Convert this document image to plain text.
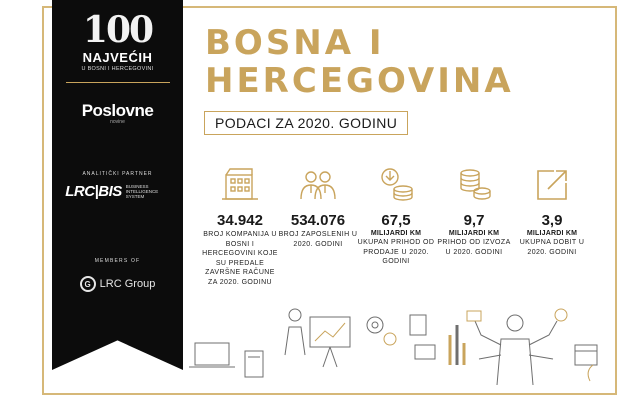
100
NAJVEĆIH
U BOSNI I HERCEGOVINI
Poslovne
novine
ANALITIČKI PARTNER
LRC|BIS BUSINESS INTELLIGENCE SYSTEM
MEMBERS OF
G LRC Group
BOSNA I
HERCEGOVINA
PODACI ZA 2020. GODINU
34.942
BROJ KOMPANIJA U BOSNI I HERCEGOVINI KOJE SU PREDALE ZAVRŠNE RAČUNE ZA 2020. GODINU
534.076
BROJ ZAPOSLENIH U 2020. GODINI
67,5
MILIJARDI KM
UKUPAN PRIHOD OD PRODAJE U 2020. GODINI
9,7
MILIJARDI KM
PRIHOD OD IZVOZA U 2020. GODINI
3,9
MILIJARDI KM
UKUPNA DOBIT U 2020. GODINI
